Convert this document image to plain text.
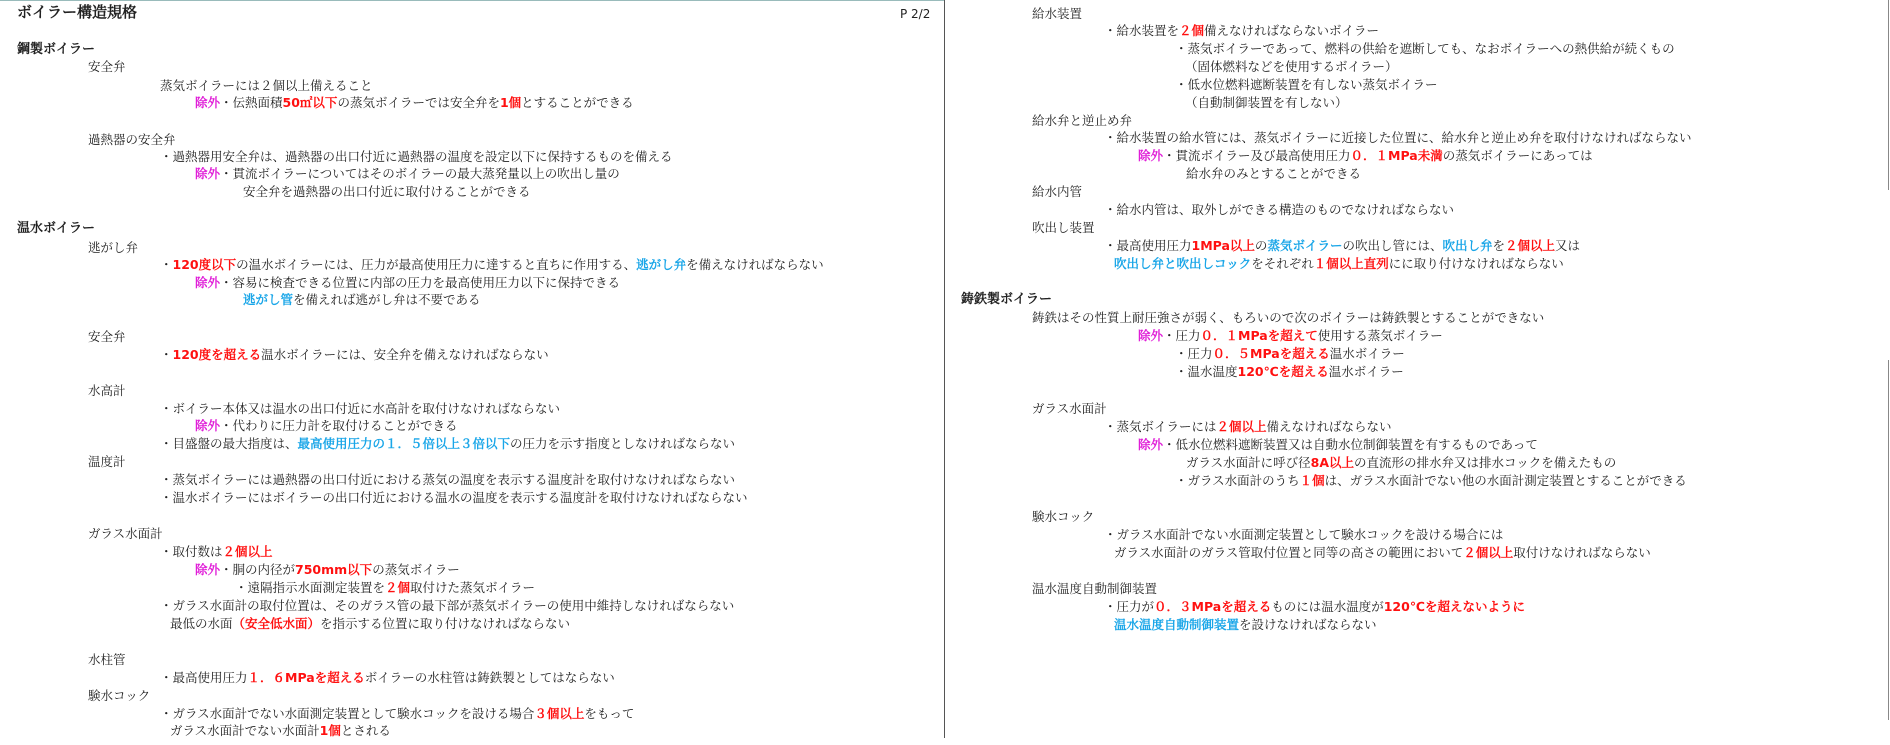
ボイラー構造規格	P 2/2
鋼製ボイラー
安全弁
蒸気ボイラーには２個以上備えること
除外・伝熱面積50㎡以下の蒸気ボイラーでは安全弁を1個とすることができる
過熱器の安全弁
・過熱器用安全弁は、過熱器の出口付近に過熱器の温度を設定以下に保持するものを備える
除外・貫流ボイラーについてはそのボイラーの最大蒸発量以上の吹出し量の
安全弁を過熱器の出口付近に取付けることができる
温水ボイラー
逃がし弁
・120度以下の温水ボイラーには、圧力が最高使用圧力に達すると直ちに作用する、逃がし弁を備えなければならない
除外・容易に検査できる位置に内部の圧力を最高使用圧力以下に保持できる
逃がし管を備えれば逃がし弁は不要である
安全弁
・120度を超える温水ボイラーには、安全弁を備えなければならない
水高計
・ボイラー本体又は温水の出口付近に水高計を取付けなければならない
除外・代わりに圧力計を取付けることができる
・目盛盤の最大指度は、最高使用圧力の１．５倍以上３倍以下の圧力を示す指度としなければならない
温度計
・蒸気ボイラーには過熱器の出口付近における蒸気の温度を表示する温度計を取付けなければならない
・温水ボイラーにはボイラーの出口付近における温水の温度を表示する温度計を取付けなければならない
ガラス水面計
・取付数は２個以上
除外・胴の内径が750mm以下の蒸気ボイラー
・遠隔指示水面測定装置を２個取付けた蒸気ボイラー
・ガラス水面計の取付位置は、そのガラス管の最下部が蒸気ボイラーの使用中維持しなければならない
最低の水面（安全低水面）を指示する位置に取り付けなければならない
水柱管
・最高使用圧力１．６MPaを超えるボイラーの水柱管は鋳鉄製としてはならない
験水コック
・ガラス水面計でない水面測定装置として験水コックを設ける場合３個以上をもって
ガラス水面計でない水面計1個とされる
給水装置
・給水装置を２個備えなければならないボイラー
・蒸気ボイラーであって、燃料の供給を遮断しても、なおボイラーへの熱供給が続くもの
（固体燃料などを使用するボイラー）
・低水位燃料遮断装置を有しない蒸気ボイラー
（自動制御装置を有しない）
給水弁と逆止め弁
・給水装置の給水管には、蒸気ボイラーに近接した位置に、給水弁と逆止め弁を取付けなければならない
除外・貫流ボイラー及び最高使用圧力０．１MPa未満の蒸気ボイラーにあっては
給水弁のみとすることができる
給水内管
・給水内管は、取外しができる構造のものでなければならない
吹出し装置
・最高使用圧力1MPa以上の蒸気ボイラーの吹出し管には、吹出し弁を２個以上又は
吹出し弁と吹出しコックをそれぞれ１個以上直列にに取り付けなければならない
鋳鉄製ボイラー
鋳鉄はその性質上耐圧強さが弱く、もろいので次のボイラーは鋳鉄製とすることができない
除外・圧力０．１MPaを超えて使用する蒸気ボイラー
・圧力０．５MPaを超える温水ボイラー
・温水温度120℃を超える温水ボイラー
ガラス水面計
・蒸気ボイラーには２個以上備えなければならない
除外・低水位燃料遮断装置又は自動水位制御装置を有するものであって
ガラス水面計に呼び径8A以上の直流形の排水弁又は排水コックを備えたもの
・ガラス水面計のうち１個は、ガラス水面計でない他の水面計測定装置とすることができる
験水コック
・ガラス水面計でない水面測定装置として験水コックを設ける場合には
ガラス水面計のガラス管取付位置と同等の高さの範囲において２個以上取付けなければならない
温水温度自動制御装置
・圧力が０．３MPaを超えるものには温水温度が120℃を超えないように
温水温度自動制御装置を設けなければならない
